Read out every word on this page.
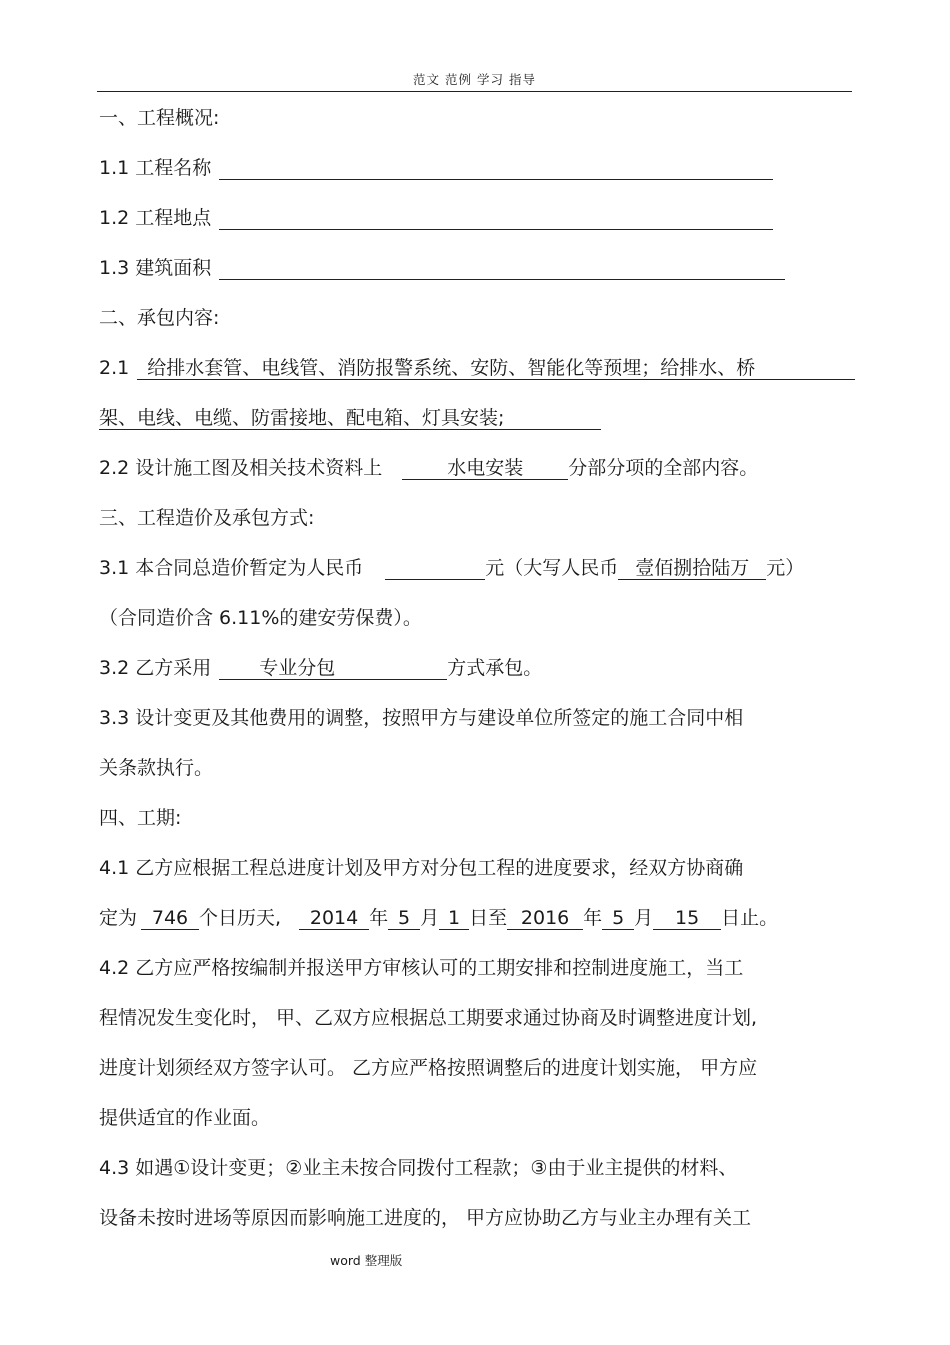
范文 范例 学习 指导
一、工程概况:
1.1 工程名称
1.2 工程地点
1.3 建筑面积
二、承包内容:
2.1 给排水套管、电线管、消防报警系统、安防、智能化等预埋；给排水、桥
架、电线、电缆、防雷接地、配电箱、灯具安装;
2.2 设计施工图及相关技术资料上	水电安装 分部分项的全部内容。
三、工程造价及承包方式:
3.1 本合同总造价暂定为人民币	元（大写人民币 壹佰捌拾陆万 元）
（合同造价含 6.11%的建安劳保费）。
3.2 乙方采用	专业分包	方式承包。
3.3 设计变更及其他费用的调整，按照甲方与建设单位所签定的施工合同中相
关条款执行。
四、工期:
4.1 乙方应根据工程总进度计划及甲方对分包工程的进度要求，经双方协商确
定为 746 个日历天, 2014 年 5 月 1 日至 2016 年 5 月 15 日止。
4.2 乙方应严格按编制并报送甲方审核认可的工期安排和控制进度施工，当工
程情况发生变化时， 甲、乙双方应根据总工期要求通过协商及时调整进度计划,
进度计划须经双方签字认可。 乙方应严格按照调整后的进度计划实施， 甲方应
提供适宜的作业面。
4.3 如遇①设计变更；②业主未按合同拨付工程款；③由于业主提供的材料、
设备未按时进场等原因而影响施工进度的， 甲方应协助乙方与业主办理有关工
word 整理版
